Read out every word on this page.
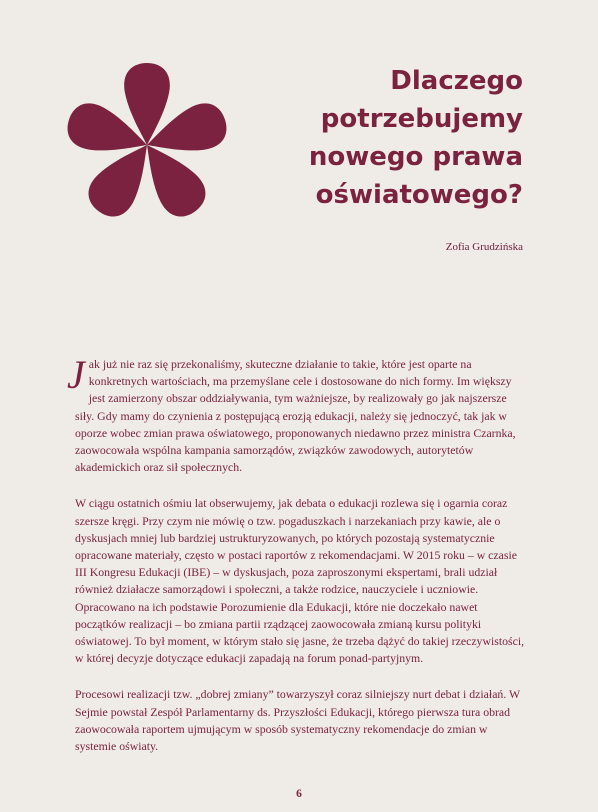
Dlaczego
potrzebujemy
nowego prawa
oświatowego?
Zofia Grudzińska

Jak już nie raz się przekonaliśmy, skuteczne działanie to takie, które jest oparte na konkretnych wartościach, ma przemyślane cele i dostosowane do nich formy. Im większy jest zamierzony obszar oddziaływania, tym ważniejsze, by realizowały go jak najszersze siły. Gdy mamy do czynienia z postępującą erozją edukacji, należy się jednoczyć, tak jak w oporze wobec zmian prawa oświatowego, proponowanych niedawno przez ministra Czarnka, zaowocowała wspólna kampania samorządów, związków zawodowych, autorytetów akademickich oraz sił społecznych.

W ciągu ostatnich ośmiu lat obserwujemy, jak debata o edukacji rozlewa się i ogarnia coraz szersze kręgi. Przy czym nie mówię o tzw. pogaduszkach i narzekaniach przy kawie, ale o dyskusjach mniej lub bardziej ustrukturyzowanych, po których pozostają systematycznie opracowane materiały, często w postaci raportów z rekomendacjami. W 2015 roku – w czasie III Kongresu Edukacji (IBE) – w dyskusjach, poza zaproszonymi ekspertami, brali udział również działacze samorządowi i społeczni, a także rodzice, nauczyciele i uczniowie. Opracowano na ich podstawie Porozumienie dla Edukacji, które nie doczekało nawet początków realizacji – bo zmiana partii rządzącej zaowocowała zmianą kursu polityki oświatowej. To był moment, w którym stało się jasne, że trzeba dążyć do takiej rzeczywistości, w której decyzje dotyczące edukacji zapadają na forum ponad-partyjnym.

Procesowi realizacji tzw. „dobrej zmiany” towarzyszył coraz silniejszy nurt debat i działań. W Sejmie powstał Zespół Parlamentarny ds. Przyszłości Edukacji, którego pierwsza tura obrad zaowocowała raportem ujmującym w sposób systematyczny rekomendacje do zmian w systemie oświaty.

6
